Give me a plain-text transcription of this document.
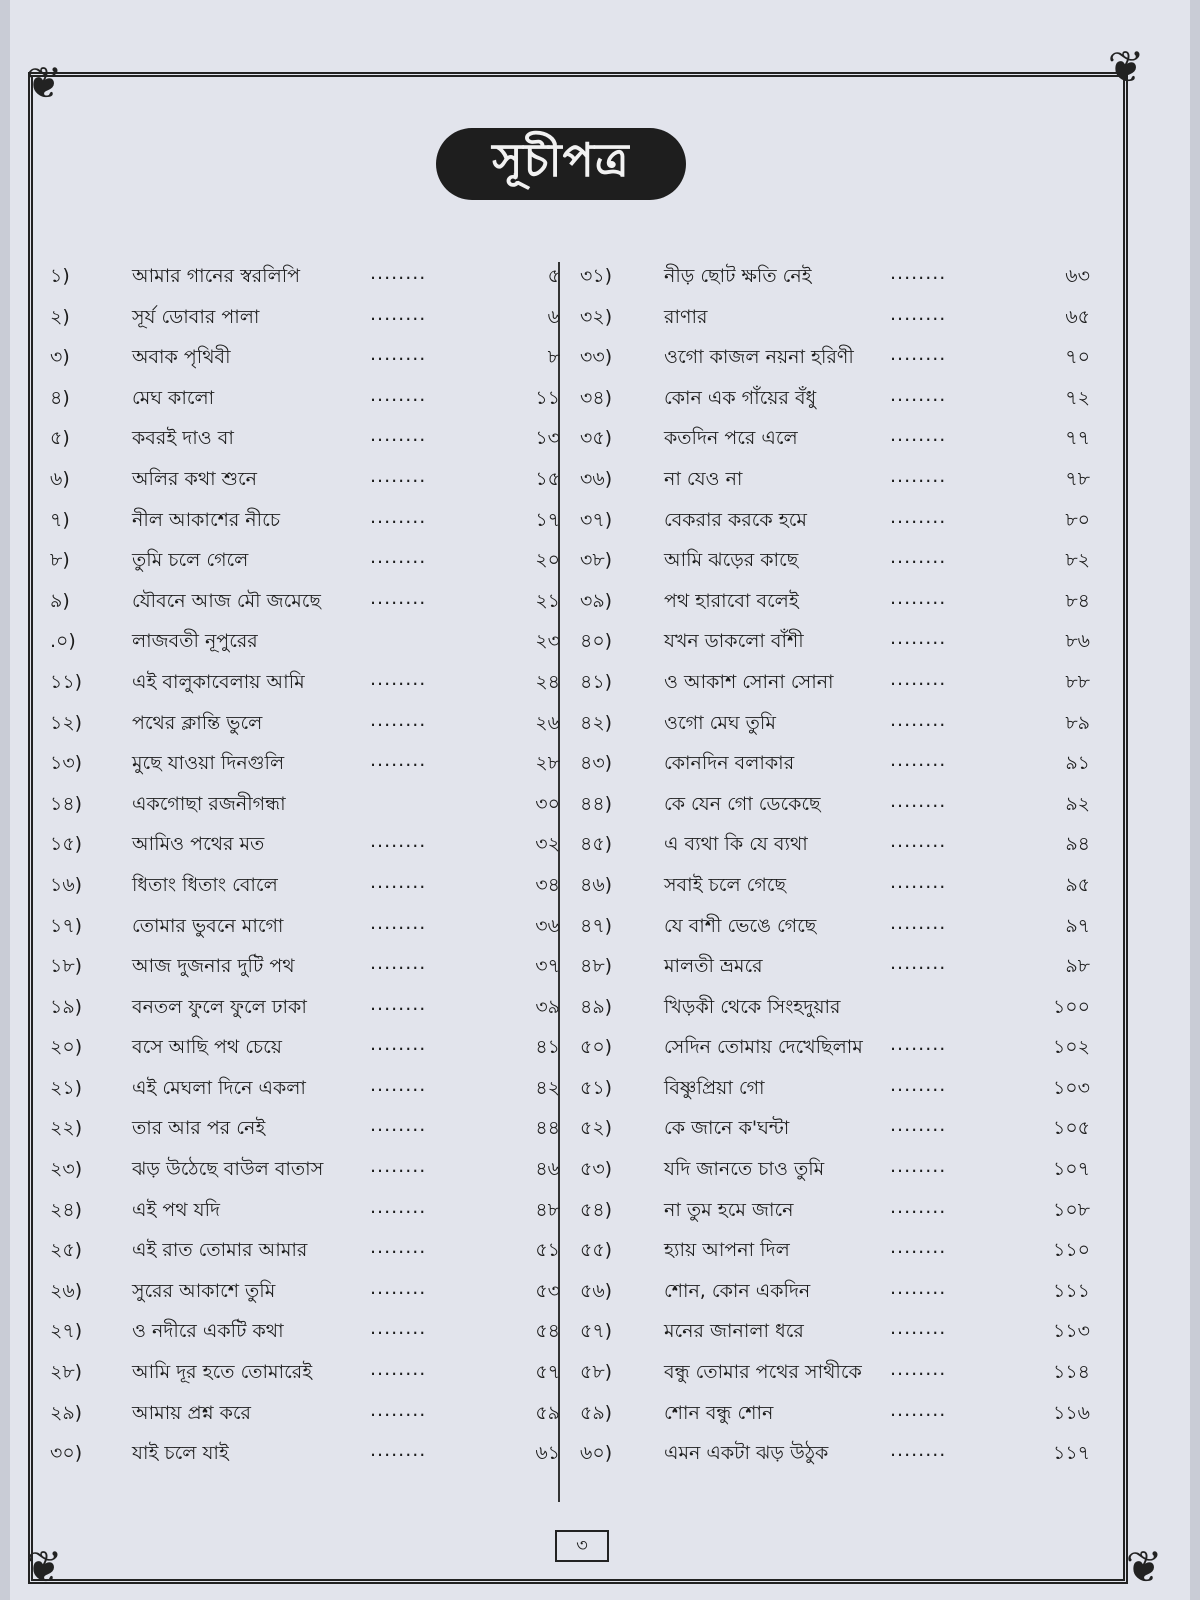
❦	❦
❦	❦
সূচীপত্র
১)	আমার গানের স্বরলিপি	........	৫
২)	সূর্য ডোবার পালা	........	৬
৩)	অবাক পৃথিবী	........	৮
৪)	মেঘ কালো	........	১১
৫)	কবরই দাও বা	........	১৩
৬)	অলির কথা শুনে	........	১৫
৭)	নীল আকাশের নীচে	........	১৭
৮)	তুমি চলে গেলে	........	২০
৯)	যৌবনে আজ মৌ জমেছে	........	২১
.০)	লাজবতী নূপুরের	২৩
১১)	এই বালুকাবেলায় আমি	........	২৪
১২)	পথের ক্লান্তি ভুলে	........	২৬
১৩)	মুছে যাওয়া দিনগুলি	........	২৮
১৪)	একগোছা রজনীগন্ধা	৩০
১৫)	আমিও পথের মত	........	৩২
১৬)	ধিতাং ধিতাং বোলে	........	৩৪
১৭)	তোমার ভুবনে মাগো	........	৩৬
১৮)	আজ দুজনার দুটি পথ	........	৩৭
১৯)	বনতল ফুলে ফুলে ঢাকা	........	৩৯
২০)	বসে আছি পথ চেয়ে	........	৪১
২১)	এই মেঘলা দিনে একলা	........	৪২
২২)	তার আর পর নেই	........	৪৪
২৩)	ঝড় উঠেছে বাউল বাতাস ........	৪৬
২৪)	এই পথ যদি	........	৪৮
২৫)	এই রাত তোমার আমার	........	৫১
২৬)	সুরের আকাশে তুমি	........	৫৩
২৭)	ও নদীরে একটি কথা	........	৫৪
২৮)	আমি দূর হতে তোমারেই	........	৫৭
২৯)	আমায় প্রশ্ন করে	........	৫৯
৩০)	যাই চলে যাই	........	৬১
৩১)	নীড় ছোট ক্ষতি নেই	........	৬৩
৩২)	রাণার	........	৬৫
৩৩)	ওগো কাজল নয়না হরিণী ........	৭০
৩৪)	কোন এক গাঁয়ের বঁধু	........	৭২
৩৫)	কতদিন পরে এলে	........	৭৭
৩৬)	না যেও না	........	৭৮
৩৭)	বেকরার করকে হমে	........	৮০
৩৮)	আমি ঝড়ের কাছে	........	৮২
৩৯)	পথ হারাবো বলেই	........	৮৪
৪০)	যখন ডাকলো বাঁশী	........	৮৬
৪১)	ও আকাশ সোনা সোনা	........	৮৮
৪২)	ওগো মেঘ তুমি	........	৮৯
৪৩)	কোনদিন বলাকার	........	৯১
৪৪)	কে যেন গো ডেকেছে	........	৯২
৪৫)	এ ব্যথা কি যে ব্যথা	........	৯৪
৪৬)	সবাই চলে গেছে	........	৯৫
৪৭)	যে বাশী ভেঙে গেছে	........	৯৭
৪৮)	মালতী ভ্রমরে	........	৯৮
৪৯)	খিড়কী থেকে সিংহদুয়ার	১০০
৫০)	সেদিন তোমায় দেখেছিলাম ........	১০২
৫১)	বিষ্ণুপ্রিয়া গো	........	১০৩
৫২)	কে জানে ক'ঘন্টা	........	১০৫
৫৩)	যদি জানতে চাও তুমি	........	১০৭
৫৪)	না তুম হমে জানে	........	১০৮
৫৫)	হ্যায় আপনা দিল	........	১১০
৫৬)	শোন, কোন একদিন	........	১১১
৫৭)	মনের জানালা ধরে	........	১১৩
৫৮)	বন্ধু তোমার পথের সাথীকে ........	১১৪
৫৯)	শোন বন্ধু শোন	........	১১৬
৬০)	এমন একটা ঝড় উঠুক	........	১১৭
৩
